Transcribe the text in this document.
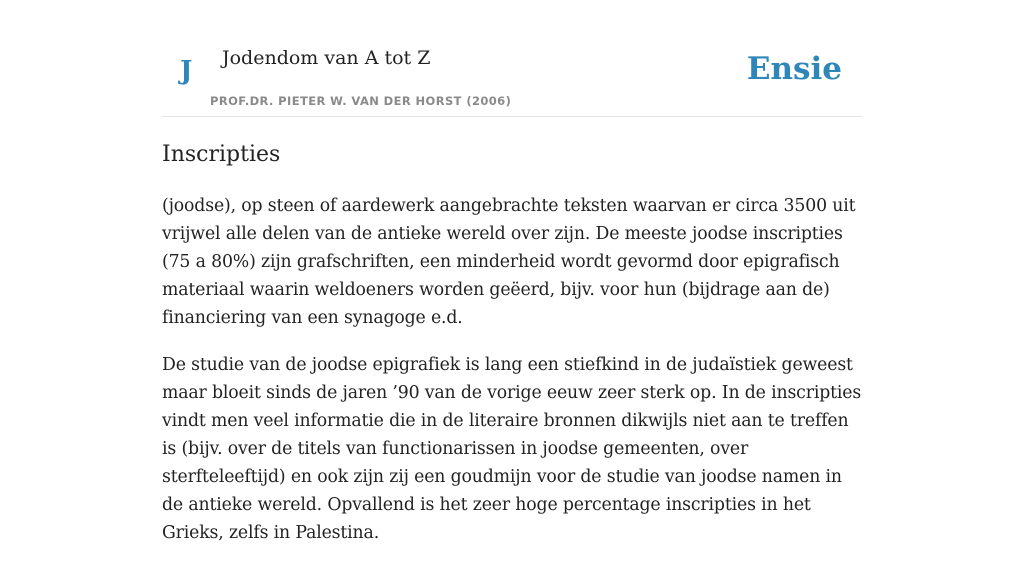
J Jodendom van A tot Z
PROF.DR. PIETER W. VAN DER HORST (2006)
Ensie
Inscripties

(joodse), op steen of aardewerk aangebrachte teksten waarvan er circa 3500 uit vrijwel alle delen van de antieke wereld over zijn. De meeste joodse inscripties (75 a 80%) zijn grafschriften, een minderheid wordt gevormd door epigrafisch materiaal waarin weldoeners worden geëerd, bijv. voor hun (bijdrage aan de) financiering van een synagoge e.d.

De studie van de joodse epigrafiek is lang een stiefkind in de judaïstiek geweest maar bloeit sinds de jaren ’90 van de vorige eeuw zeer sterk op. In de inscripties vindt men veel informatie die in de literaire bronnen dikwijls niet aan te treffen is (bijv. over de titels van functionarissen in joodse gemeenten, over sterfteleeftijd) en ook zijn zij een goudmijn voor de studie van joodse namen in de antieke wereld. Opvallend is het zeer hoge percentage inscripties in het Grieks, zelfs in Palestina.
